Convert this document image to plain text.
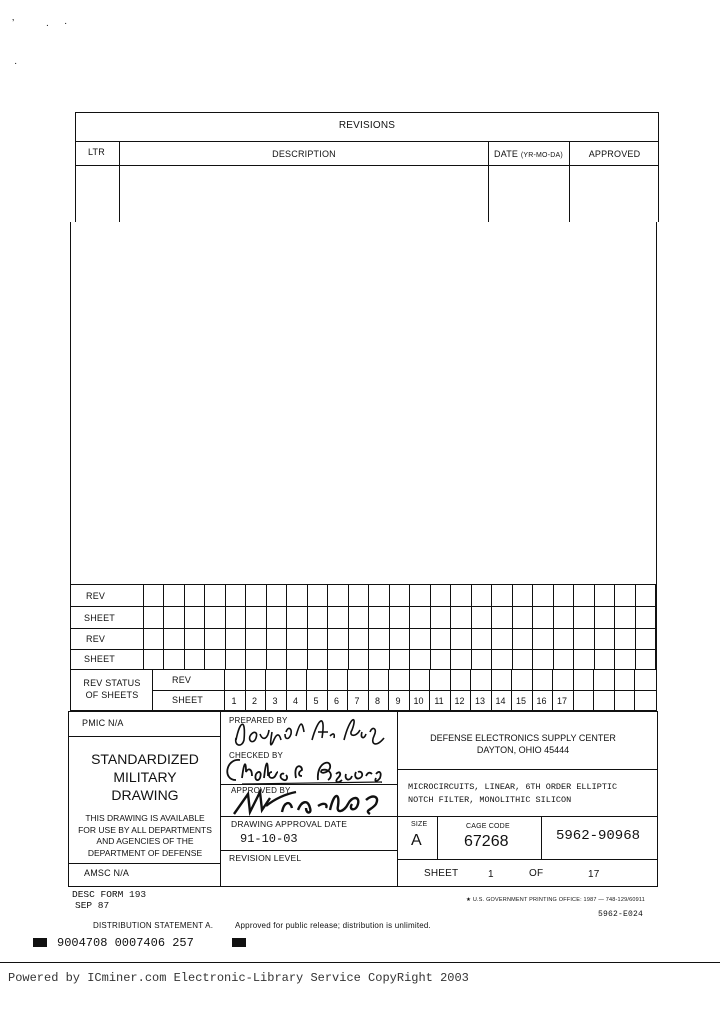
’	. ·
·
REVISIONS
LTR	DESCRIPTION	DATE (YR-MO-DA)	APPROVED
REV
SHEET
REV
SHEET
REV STATUS
OF SHEETS
REV
SHEET	1	2	3	4	5	6	7	8	9	10	11	12	13	14	15	16	17
PMIC N/A
STANDARDIZED
MILITARY
DRAWING
THIS DRAWING IS AVAILABLE
FOR USE BY ALL DEPARTMENTS
AND AGENCIES OF THE
DEPARTMENT OF DEFENSE
AMSC N/A
PREPARED BY
CHECKED BY
APPROVED BY
DRAWING APPROVAL DATE
91-10-03
REVISION LEVEL
DEFENSE ELECTRONICS SUPPLY CENTER
DAYTON, OHIO 45444
MICROCIRCUITS, LINEAR, 6TH ORDER ELLIPTIC
NOTCH FILTER, MONOLITHIC SILICON
SIZE
A
CAGE CODE
67268	5962-90968
SHEET	1	OF	17
DESC FORM 193
SEP 87	★ U.S. GOVERNMENT PRINTING OFFICE: 1987 — 748-129/60911
5962-E024
DISTRIBUTION STATEMENT A.	Approved for public release; distribution is unlimited.
9004708 0007406 257
Powered by ICminer.com Electronic-Library Service CopyRight 2003
